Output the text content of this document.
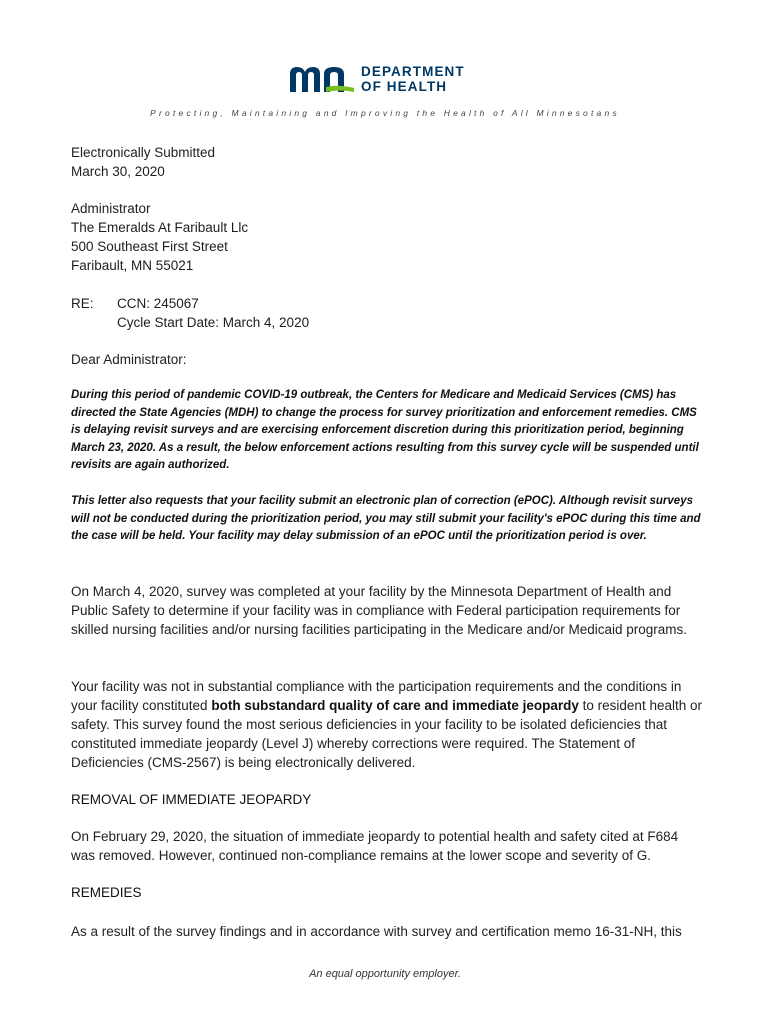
DEPARTMENT
OF HEALTH
Protecting, Maintaining and Improving the Health of All Minnesotans
Electronically Submitted
March 30, 2020
Administrator
The Emeralds At Faribault Llc
500 Southeast First Street
Faribault, MN 55021
RE: CCN: 245067
Cycle Start Date: March 4, 2020
Dear Administrator:
During this period of pandemic COVID-19 outbreak, the Centers for Medicare and Medicaid Services (CMS) has directed the State Agencies (MDH) to change the process for survey prioritization and enforcement remedies. CMS is delaying revisit surveys and are exercising enforcement discretion during this prioritization period, beginning March 23, 2020. As a result, the below enforcement actions resulting from this survey cycle will be suspended until revisits are again authorized.
This letter also requests that your facility submit an electronic plan of correction (ePOC). Although revisit surveys will not be conducted during the prioritization period, you may still submit your facility's ePOC during this time and the case will be held. Your facility may delay submission of an ePOC until the prioritization period is over.
On March 4, 2020, survey was completed at your facility by the Minnesota Department of Health and Public Safety to determine if your facility was in compliance with Federal participation requirements for skilled nursing facilities and/or nursing facilities participating in the Medicare and/or Medicaid programs.
Your facility was not in substantial compliance with the participation requirements and the conditions in your facility constituted both substandard quality of care and immediate jeopardy to resident health or safety. This survey found the most serious deficiencies in your facility to be isolated deficiencies that constituted immediate jeopardy (Level J) whereby corrections were required. The Statement of Deficiencies (CMS-2567) is being electronically delivered.
REMOVAL OF IMMEDIATE JEOPARDY
On February 29, 2020, the situation of immediate jeopardy to potential health and safety cited at F684 was removed. However, continued non-compliance remains at the lower scope and severity of G.
REMEDIES
As a result of the survey findings and in accordance with survey and certification memo 16-31-NH, this
An equal opportunity employer.
